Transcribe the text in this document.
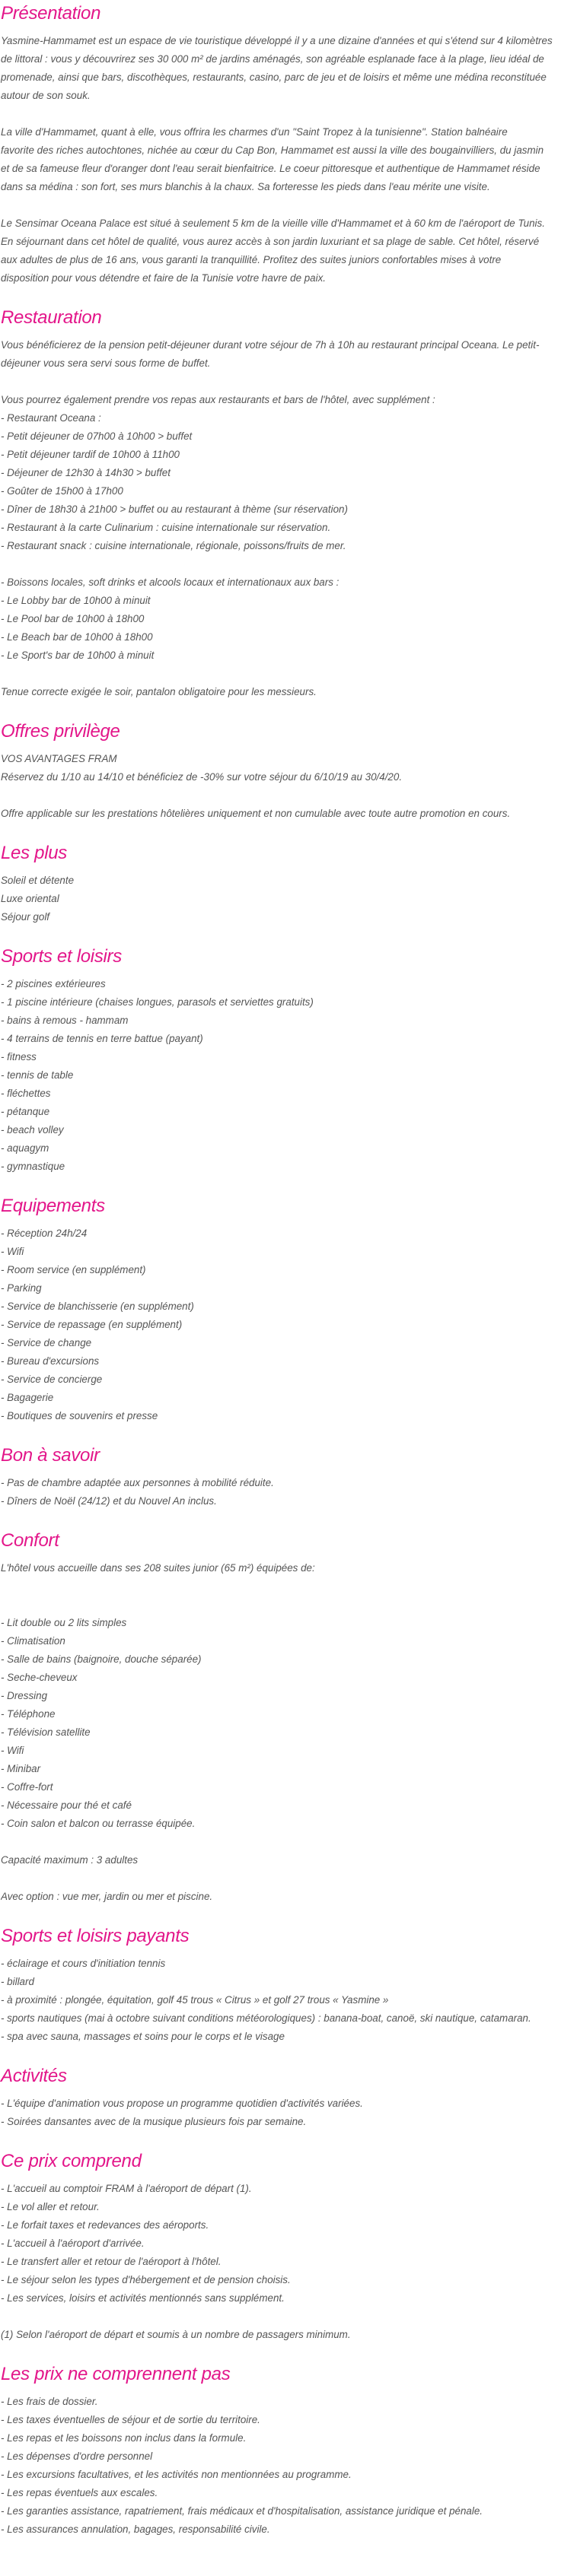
Présentation
Yasmine-Hammamet est un espace de vie touristique développé il y a une dizaine d'années et qui s'étend sur 4 kilomètres
de littoral : vous y découvrirez ses 30 000 m² de jardins aménagés, son agréable esplanade face à la plage, lieu idéal de
promenade, ainsi que bars, discothèques, restaurants, casino, parc de jeu et de loisirs et même une médina reconstituée
autour de son souk.
La ville d'Hammamet, quant à elle, vous offrira les charmes d'un "Saint Tropez à la tunisienne". Station balnéaire
favorite des riches autochtones, nichée au cœur du Cap Bon, Hammamet est aussi la ville des bougainvilliers, du jasmin
et de sa fameuse fleur d'oranger dont l'eau serait bienfaitrice. Le coeur pittoresque et authentique de Hammamet réside
dans sa médina : son fort, ses murs blanchis à la chaux. Sa forteresse les pieds dans l'eau mérite une visite.
Le Sensimar Oceana Palace est situé à seulement 5 km de la vieille ville d'Hammamet et à 60 km de l'aéroport de Tunis.
En séjournant dans cet hôtel de qualité, vous aurez accès à son jardin luxuriant et sa plage de sable. Cet hôtel, réservé
aux adultes de plus de 16 ans, vous garanti la tranquillité. Profitez des suites juniors confortables mises à votre
disposition pour vous détendre et faire de la Tunisie votre havre de paix.
Restauration
Vous bénéficierez de la pension petit-déjeuner durant votre séjour de 7h à 10h au restaurant principal Oceana. Le petit-
déjeuner vous sera servi sous forme de buffet.
Vous pourrez également prendre vos repas aux restaurants et bars de l'hôtel, avec supplément :
- Restaurant Oceana :
- Petit déjeuner de 07h00 à 10h00 > buffet
- Petit déjeuner tardif de 10h00 à 11h00
- Déjeuner de 12h30 à 14h30 > buffet
- Goûter de 15h00 à 17h00
- Dîner de 18h30 à 21h00 > buffet ou au restaurant à thème (sur réservation)
- Restaurant à la carte Culinarium : cuisine internationale sur réservation.
- Restaurant snack : cuisine internationale, régionale, poissons/fruits de mer.
- Boissons locales, soft drinks et alcools locaux et internationaux aux bars :
- Le Lobby bar de 10h00 à minuit
- Le Pool bar de 10h00 à 18h00
- Le Beach bar de 10h00 à 18h00
- Le Sport's bar de 10h00 à minuit
Tenue correcte exigée le soir, pantalon obligatoire pour les messieurs.
Offres privilège
VOS AVANTAGES FRAM
Réservez du 1/10 au 14/10 et bénéficiez de -30% sur votre séjour du 6/10/19 au 30/4/20.
Offre applicable sur les prestations hôtelières uniquement et non cumulable avec toute autre promotion en cours.
Les plus
Soleil et détente
Luxe oriental
Séjour golf
Sports et loisirs
- 2 piscines extérieures
- 1 piscine intérieure (chaises longues, parasols et serviettes gratuits)
- bains à remous - hammam
- 4 terrains de tennis en terre battue (payant)
- fitness
- tennis de table
- fléchettes
- pétanque
- beach volley
- aquagym
- gymnastique
Equipements
- Réception 24h/24
- Wifi
- Room service (en supplément)
- Parking
- Service de blanchisserie (en supplément)
- Service de repassage (en supplément)
- Service de change
- Bureau d'excursions
- Service de concierge
- Bagagerie
- Boutiques de souvenirs et presse
Bon à savoir
- Pas de chambre adaptée aux personnes à mobilité réduite.
- Dîners de Noël (24/12) et du Nouvel An inclus.
Confort
L'hôtel vous accueille dans ses 208 suites junior (65 m²) équipées de:
- Lit double ou 2 lits simples
- Climatisation
- Salle de bains (baignoire, douche séparée)
- Seche-cheveux
- Dressing
- Téléphone
- Télévision satellite
- Wifi
- Minibar
- Coffre-fort
- Nécessaire pour thé et café
- Coin salon et balcon ou terrasse équipée.
Capacité maximum : 3 adultes
Avec option : vue mer, jardin ou mer et piscine.
Sports et loisirs payants
- éclairage et cours d'initiation tennis
- billard
- à proximité : plongée, équitation, golf 45 trous « Citrus » et golf 27 trous « Yasmine »
- sports nautiques (mai à octobre suivant conditions météorologiques) : banana-boat, canoë, ski nautique, catamaran.
- spa avec sauna, massages et soins pour le corps et le visage
Activités
- L'équipe d'animation vous propose un programme quotidien d'activités variées.
- Soirées dansantes avec de la musique plusieurs fois par semaine.
Ce prix comprend
- L'accueil au comptoir FRAM à l'aéroport de départ (1).
- Le vol aller et retour.
- Le forfait taxes et redevances des aéroports.
- L'accueil à l'aéroport d'arrivée.
- Le transfert aller et retour de l'aéroport à l'hôtel.
- Le séjour selon les types d'hébergement et de pension choisis.
- Les services, loisirs et activités mentionnés sans supplément.
(1) Selon l'aéroport de départ et soumis à un nombre de passagers minimum.
Les prix ne comprennent pas
- Les frais de dossier.
- Les taxes éventuelles de séjour et de sortie du territoire.
- Les repas et les boissons non inclus dans la formule.
- Les dépenses d'ordre personnel
- Les excursions facultatives, et les activités non mentionnées au programme.
- Les repas éventuels aux escales.
- Les garanties assistance, rapatriement, frais médicaux et d'hospitalisation, assistance juridique et pénale.
- Les assurances annulation, bagages, responsabilité civile.
